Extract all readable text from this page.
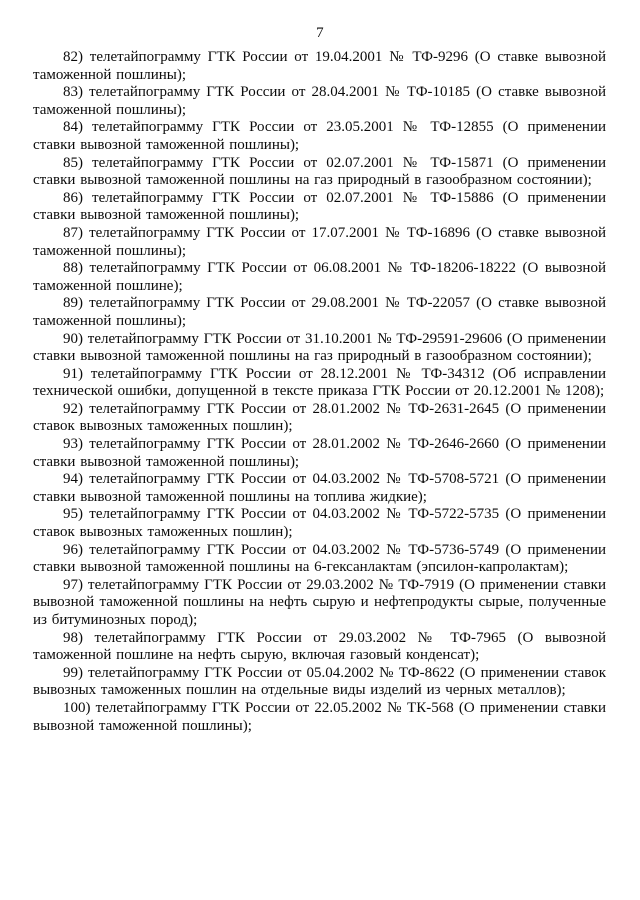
7

82) телетайпограмму ГТК России от 19.04.2001 № ТФ-9296 (О ставке вывозной таможенной пошлины);

83) телетайпограмму ГТК России от 28.04.2001 № ТФ-10185 (О ставке вывозной таможенной пошлины);

84) телетайпограмму ГТК России от 23.05.2001 № ТФ-12855 (О применении ставки вывозной таможенной пошлины);

85) телетайпограмму ГТК России от 02.07.2001 № ТФ-15871 (О применении ставки вывозной таможенной пошлины на газ природный в газообразном состоянии);

86) телетайпограмму ГТК России от 02.07.2001 № ТФ-15886 (О применении ставки вывозной таможенной пошлины);

87) телетайпограмму ГТК России от 17.07.2001 № ТФ-16896 (О ставке вывозной таможенной пошлины);

88) телетайпограмму ГТК России от 06.08.2001 № ТФ-18206-18222 (О вывозной таможенной пошлине);

89) телетайпограмму ГТК России от 29.08.2001 № ТФ-22057 (О ставке вывозной таможенной пошлины);

90) телетайпограмму ГТК России от 31.10.2001 № ТФ-29591-29606 (О применении ставки вывозной таможенной пошлины на газ природный в газообразном состоянии);

91) телетайпограмму ГТК России от 28.12.2001 № ТФ-34312 (Об исправлении технической ошибки, допущенной в тексте приказа ГТК России от 20.12.2001 № 1208);

92) телетайпограмму ГТК России от 28.01.2002 № ТФ-2631-2645 (О применении ставок вывозных таможенных пошлин);

93) телетайпограмму ГТК России от 28.01.2002 № ТФ-2646-2660 (О применении ставки вывозной таможенной пошлины);

94) телетайпограмму ГТК России от 04.03.2002 № ТФ-5708-5721 (О применении ставки вывозной таможенной пошлины на топлива жидкие);

95) телетайпограмму ГТК России от 04.03.2002 № ТФ-5722-5735 (О применении ставок вывозных таможенных пошлин);

96) телетайпограмму ГТК России от 04.03.2002 № ТФ-5736-5749 (О применении ставки вывозной таможенной пошлины на 6-гексанлактам (эпсилон-капролактам);

97) телетайпограмму ГТК России от 29.03.2002 № ТФ-7919 (О применении ставки вывозной таможенной пошлины на нефть сырую и нефтепродукты сырые, полученные из битуминозных пород);

98) телетайпограмму ГТК России от 29.03.2002 № ТФ-7965 (О вывозной таможенной пошлине на нефть сырую, включая газовый конденсат);

99) телетайпограмму ГТК России от 05.04.2002 № ТФ-8622 (О применении ставок вывозных таможенных пошлин на отдельные виды изделий из черных металлов);

100) телетайпограмму ГТК России от 22.05.2002 № ТК-568 (О применении ставки вывозной таможенной пошлины);
